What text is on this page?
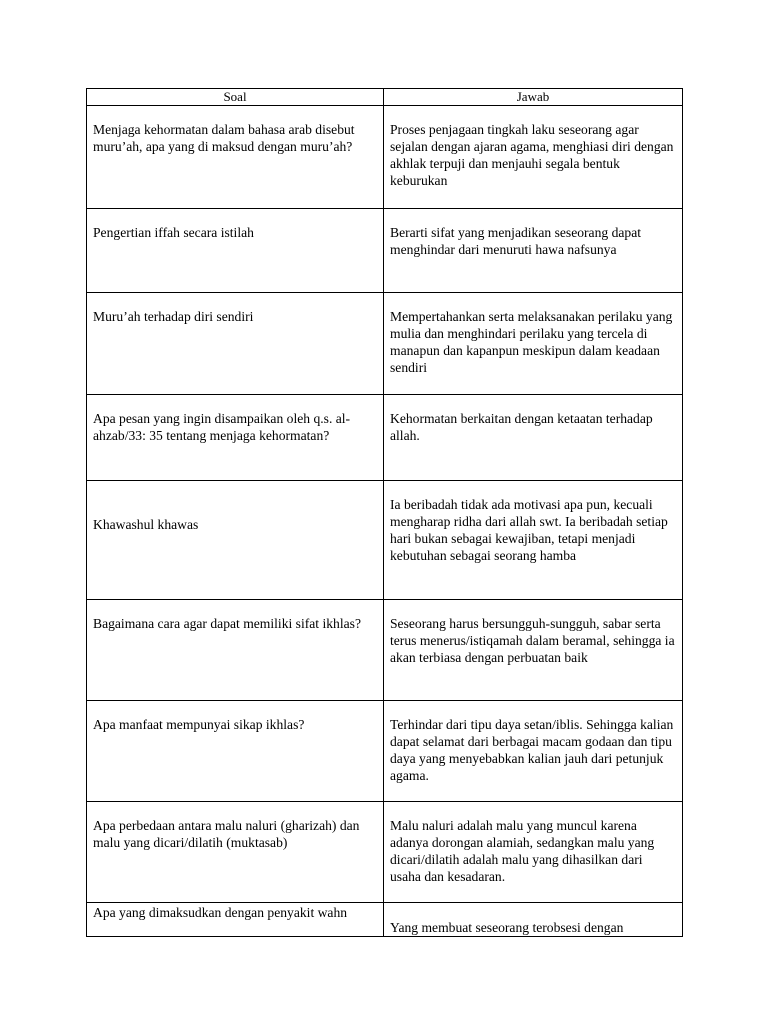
Soal	Jawab

Menjaga kehormatan dalam bahasa arab disebut muru’ah, apa yang di maksud dengan muru’ah?	Proses penjagaan tingkah laku seseorang agar sejalan dengan ajaran agama, menghiasi diri dengan akhlak terpuji dan menjauhi segala bentuk keburukan

Pengertian iffah secara istilah	Berarti sifat yang menjadikan seseorang dapat menghindar dari menuruti hawa nafsunya

Muru’ah terhadap diri sendiri	Mempertahankan serta melaksanakan perilaku yang mulia dan menghindari perilaku yang tercela di manapun dan kapanpun meskipun dalam keadaan sendiri

Apa pesan yang ingin disampaikan oleh q.s. al-ahzab/33: 35 tentang menjaga kehormatan?	Kehormatan berkaitan dengan ketaatan terhadap allah.

Khawashul khawas	Ia beribadah tidak ada motivasi apa pun, kecuali mengharap ridha dari allah swt. Ia beribadah setiap hari bukan sebagai kewajiban, tetapi menjadi kebutuhan sebagai seorang hamba

Bagaimana cara agar dapat memiliki sifat ikhlas?	Seseorang harus bersungguh-sungguh, sabar serta terus menerus/istiqamah dalam beramal, sehingga ia akan terbiasa dengan perbuatan baik

Apa manfaat mempunyai sikap ikhlas?	Terhindar dari tipu daya setan/iblis. Sehingga kalian dapat selamat dari berbagai macam godaan dan tipu daya yang menyebabkan kalian jauh dari petunjuk agama.

Apa perbedaan antara malu naluri (gharizah) dan malu yang dicari/dilatih (muktasab)	Malu naluri adalah malu yang muncul karena adanya dorongan alamiah, sedangkan malu yang dicari/dilatih adalah malu yang dihasilkan dari usaha dan kesadaran.

Apa yang dimaksudkan dengan penyakit wahn	Yang membuat seseorang terobsesi dengan
